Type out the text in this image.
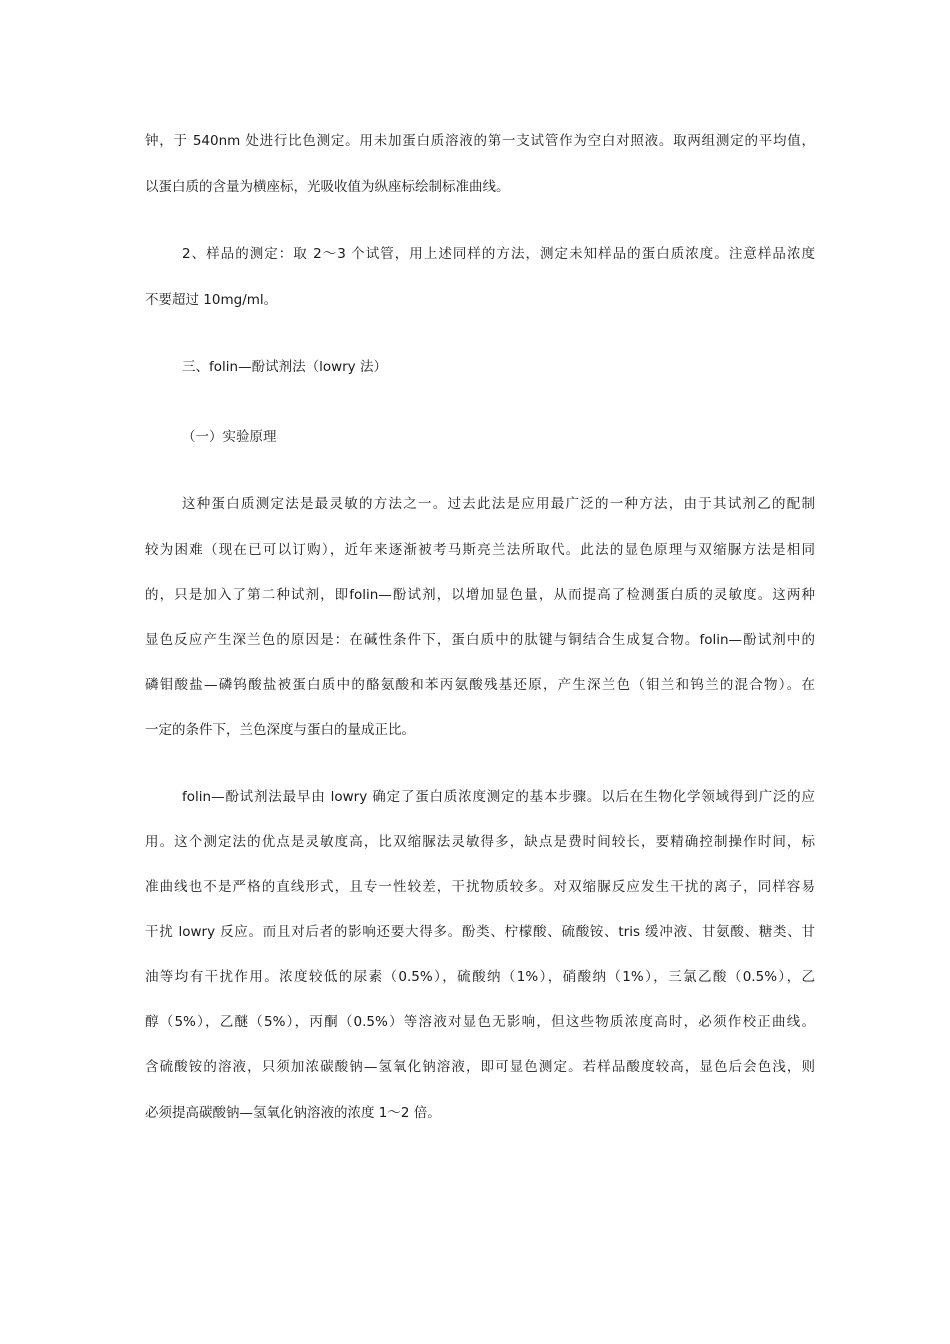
钟，于 540nm 处进行比色测定。用未加蛋白质溶液的第一支试管作为空白对照液。取两组测定的平均值，
以蛋白质的含量为横座标，光吸收值为纵座标绘制标准曲线。
2、样品的测定：取 2～3 个试管，用上述同样的方法，测定未知样品的蛋白质浓度。注意样品浓度
不要超过 10mg/ml。
三、folin—酚试剂法（lowry 法）
（一）实验原理
这种蛋白质测定法是最灵敏的方法之一。过去此法是应用最广泛的一种方法，由于其试剂乙的配制
较为困难（现在已可以订购），近年来逐渐被考马斯亮兰法所取代。此法的显色原理与双缩脲方法是相同
的，只是加入了第二种试剂，即folin—酚试剂，以增加显色量，从而提高了检测蛋白质的灵敏度。这两种
显色反应产生深兰色的原因是：在碱性条件下，蛋白质中的肽键与铜结合生成复合物。folin—酚试剂中的
磷钼酸盐—磷钨酸盐被蛋白质中的酪氨酸和苯丙氨酸残基还原，产生深兰色（钼兰和钨兰的混合物）。在
一定的条件下，兰色深度与蛋白的量成正比。
folin—酚试剂法最早由 lowry 确定了蛋白质浓度测定的基本步骤。以后在生物化学领域得到广泛的应
用。这个测定法的优点是灵敏度高，比双缩脲法灵敏得多，缺点是费时间较长，要精确控制操作时间，标
准曲线也不是严格的直线形式，且专一性较差，干扰物质较多。对双缩脲反应发生干扰的离子，同样容易
干扰 lowry 反应。而且对后者的影响还要大得多。酚类、柠檬酸、硫酸铵、tris 缓冲液、甘氨酸、糖类、甘
油等均有干扰作用。浓度较低的尿素（0.5%），硫酸纳（1%），硝酸纳（1%），三氯乙酸（0.5%），乙
醇（5%），乙醚（5%），丙酮（0.5%）等溶液对显色无影响，但这些物质浓度高时，必须作校正曲线。
含硫酸铵的溶液，只须加浓碳酸钠—氢氧化钠溶液，即可显色测定。若样品酸度较高，显色后会色浅，则
必须提高碳酸钠—氢氧化钠溶液的浓度 1～2 倍。
